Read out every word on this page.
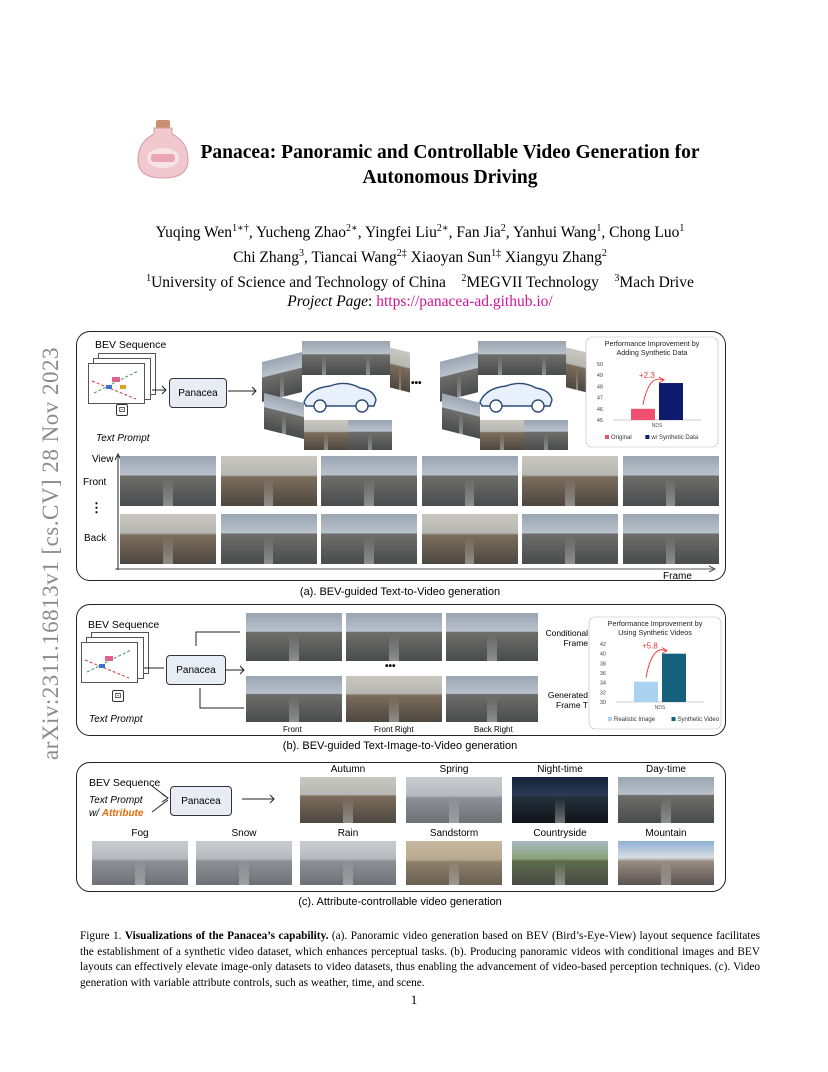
arXiv:2311.16813v1 [cs.CV] 28 Nov 2023
Panacea: Panoramic and Controllable Video Generation for Autonomous Driving
Yuqing Wen$^{1∗\dagger}$, Yucheng Zhao$^{2∗}$, Yingfei Liu$^{2∗}$, Fan Jia$^2$, Yanhui Wang$^1$, Chong Luo$^1$
Chi Zhang$^3$, Tiancai Wang$^{2\ddagger}$ Xiaoyan Sun$^{1\ddagger}$ Xiangyu Zhang$^2$
$^1$University of Science and Technology of China $^2$MEGVII Technology $^3$Mach Drive
Project Page: https://panacea-ad.github.io/
BEV Sequence
⊡
Text Prompt
Panacea
•••
Performance Improvement by
Adding Synthetic Data
45
46
47
48
49
50
NDS
+2.3
Original	w/ Synthetic Data
View
Front
⋮
Back
Frame
(a). BEV-guided Text-to-Video generation
BEV Sequence
⊡
Text Prompt
Panacea	•••
Conditional Frame
Generated Frame T
Front	Front Right	Back Right
Performance Improvement by
Using Synthetic Videos
30
32
34
36
38
40
42
NDS
+5.8
Realistic Image	Synthetic Video
(b). BEV-guided Text-Image-to-Video generation
BEV Sequence
Text Prompt
w/ Attribute
Panacea
Autumn	Spring	Night-time	Day-time
Fog	Snow	Rain	Sandstorm	Countryside	Mountain
(c). Attribute-controllable video generation
Figure 1. Visualizations of the Panacea’s capability. (a). Panoramic video generation based on BEV (Bird’s-Eye-View) layout sequence facilitates the establishment of a synthetic video dataset, which enhances perceptual tasks. (b). Producing panoramic videos with conditional images and BEV layouts can effectively elevate image-only datasets to video datasets, thus enabling the advancement of video-based perception techniques. (c). Video generation with variable attribute controls, such as weather, time, and scene.
1
